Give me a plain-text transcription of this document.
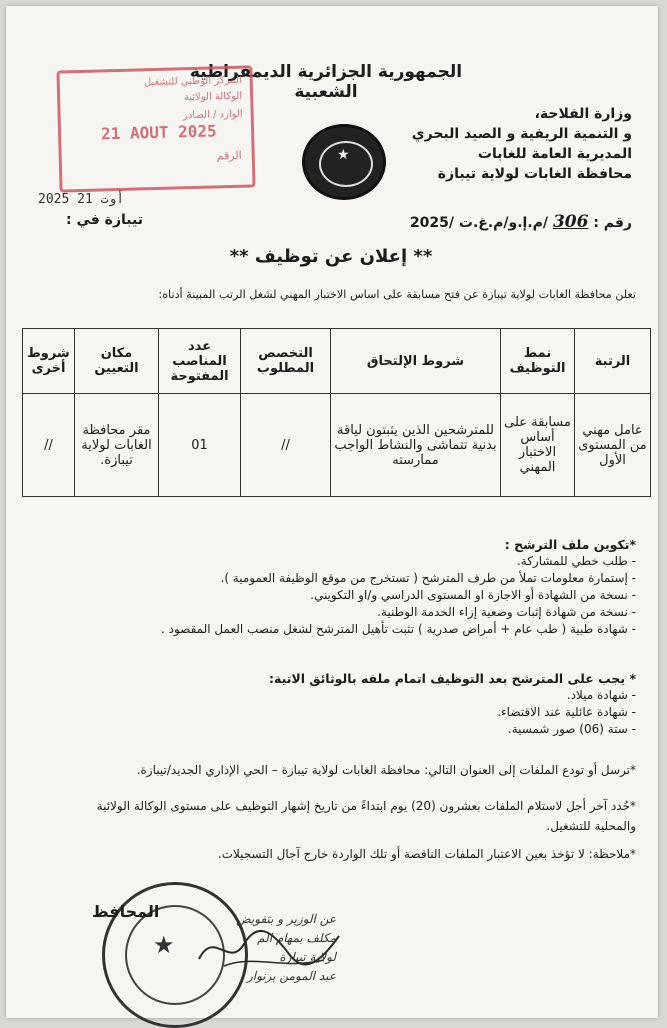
الجمهورية الجزائرية الديمقراطية الشعبية
المركز الوطني للتشغيل
الوكالة الولائية
الوارد / الصادر
21 AOUT 2025
الرقم	★
وزارة الفلاحة،
و التنمية الريفية و الصيد البحري
المديرية العامة للغابات
محافظة الغابات لولاية تيبازة
رقم : 306 /م.إ.و/م.غ.ت /2025
2025 أوت 21
تيبازة في :
** إعلان عن توظيف **
تعلن محافظة الغابات لولاية تيبازة عن فتح مسابقة على اساس الاختبار المهني لشغل الرتب المبينة أدناه:
الرتبة	نمط التوظيف	شروط الإلتحاق	التخصص المطلوب	عدد المناصب المفتوحة	مكان التعيين	شروط أخرى
عامل مهني من المستوى الأول	مسابقة على أساس الاختبار المهني	للمترشحين الذين يثبتون لياقة بدنية تتماشى والنشاط الواجب ممارسته	//	01	مقر محافظة الغابات لولاية تيبازة.	//
*تكوين ملف الترشح :
- طلب خطي للمشاركة.
- إستمارة معلومات تملأ من طرف المترشح ( تستخرج من موقع الوظيفة العمومية ).
- نسخة من الشهادة أو الاجازة او المستوى الدراسي و/او التكويني.
- نسخة من شهادة إثبات وضعية إزاء الخدمة الوطنية.
- شهادة طبية ( طب عام + أمراض صدرية ) تثبت تأهيل المترشح لشغل منصب العمل المقصود .
* يجب على المترشح بعد التوظيف اتمام ملفه بالوثائق الاتية:
- شهادة ميلاد.
- شهادة عائلية عند الاقتضاء.
- ستة (06) صور شمسية.
*ترسل أو تودع الملفات إلى العنوان التالي: محافظة الغابات لولاية تيبازة – الحي الإداري الجديد/تيبازة.
*حُدد آخر أجل لاستلام الملفات بعشرون (20) يوم ابتداءً من تاريخ إشهار التوظيف على مستوى الوكالة الولائية
والمحلية للتشغيل.
*ملاحظة: لا تؤخذ بعين الاعتبار الملفات الناقصة أو تلك الواردة خارج آجال التسجيلات.
★
المحافظ	عن الوزير و بتفويض
مكلف بمهام الم
لولاية تيبازة
عبد المومن برنوار
